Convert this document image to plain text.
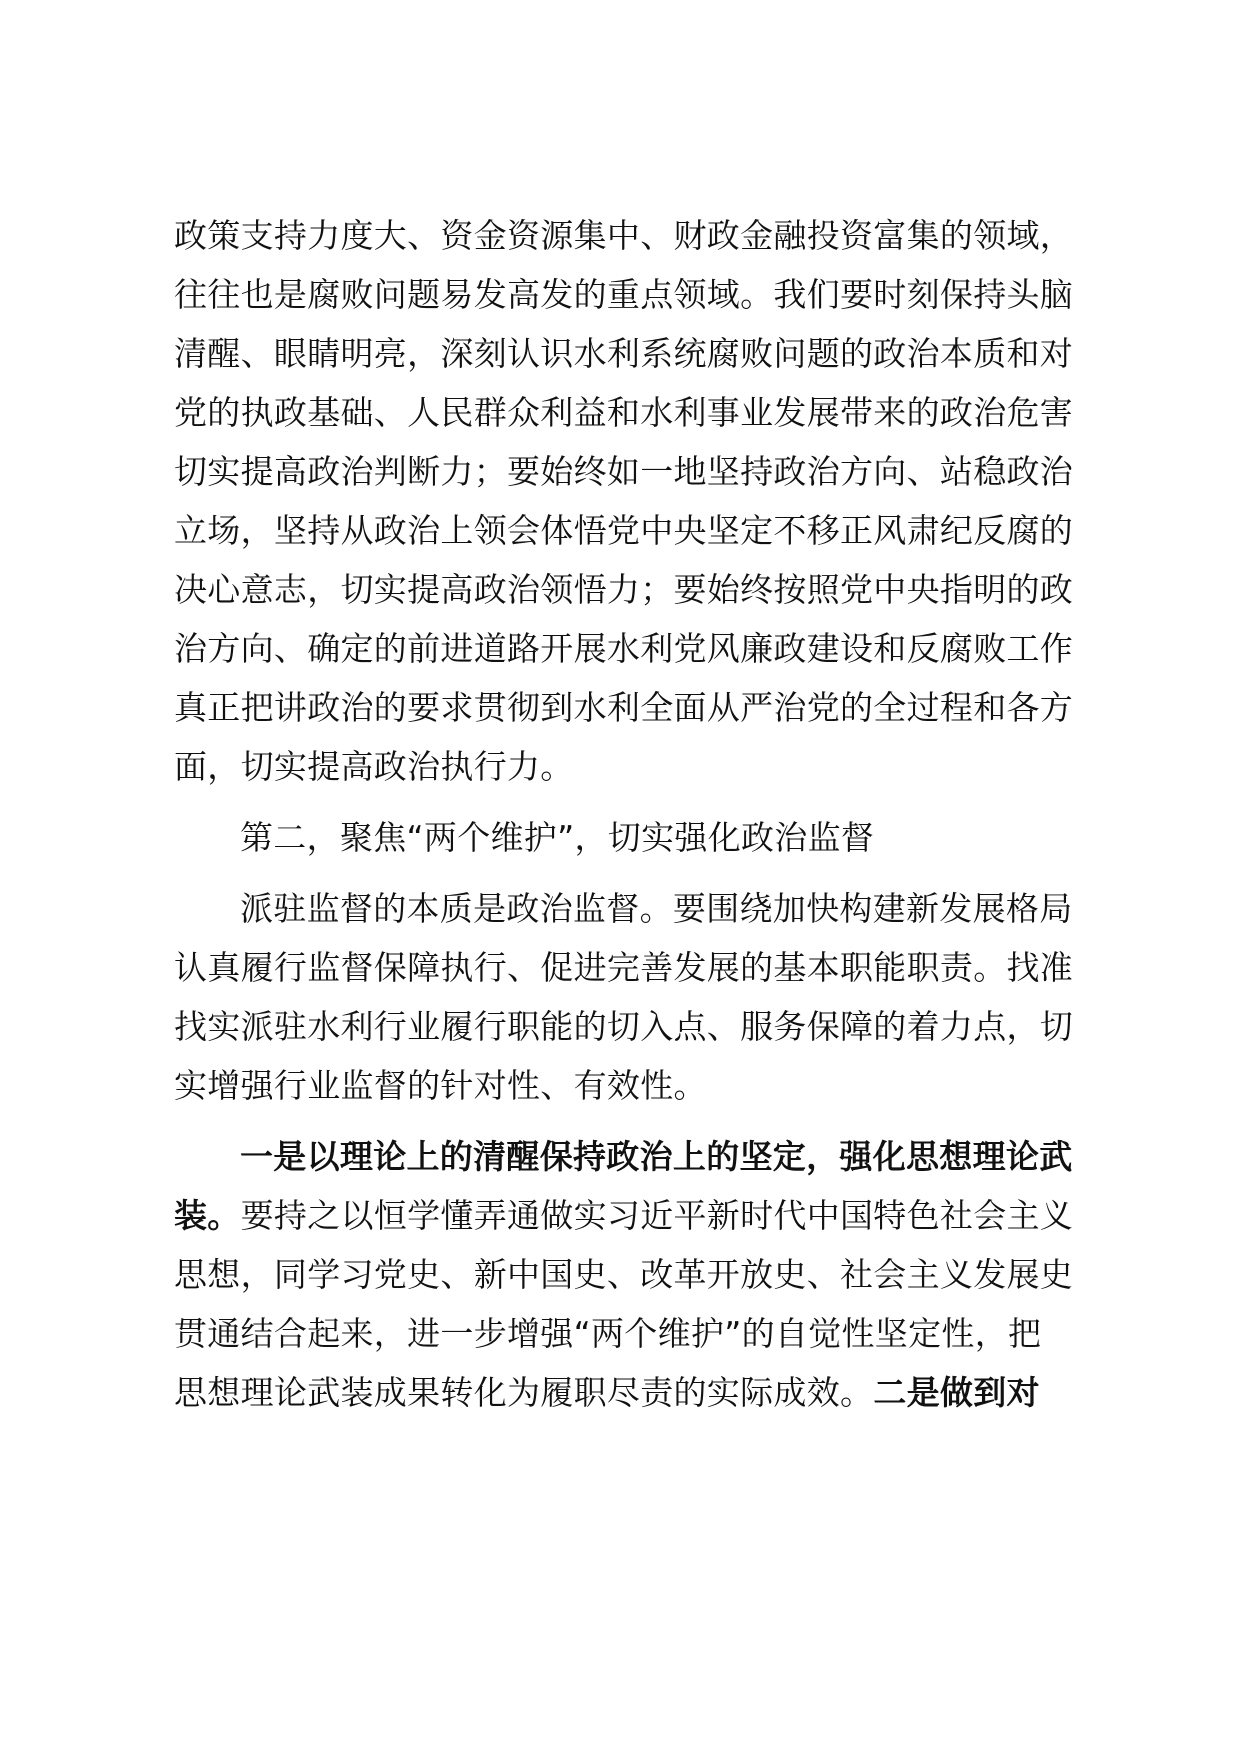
政策支持力度大、资金资源集中、财政金融投资富集的领域，
往往也是腐败问题易发高发的重点领域。我们要时刻保持头脑
清醒、眼睛明亮，深刻认识水利系统腐败问题的政治本质和对
党的执政基础、人民群众利益和水利事业发展带来的政治危害
切实提高政治判断力；要始终如一地坚持政治方向、站稳政治
立场，坚持从政治上领会体悟党中央坚定不移正风肃纪反腐的
决心意志，切实提高政治领悟力；要始终按照党中央指明的政
治方向、确定的前进道路开展水利党风廉政建设和反腐败工作
真正把讲政治的要求贯彻到水利全面从严治党的全过程和各方
面，切实提高政治执行力。
第二，聚焦“两个维护”，切实强化政治监督
派驻监督的本质是政治监督。要围绕加快构建新发展格局
认真履行监督保障执行、促进完善发展的基本职能职责。找准
找实派驻水利行业履行职能的切入点、服务保障的着力点，切
实增强行业监督的针对性、有效性。
一是以理论上的清醒保持政治上的坚定，强化思想理论武
装。要持之以恒学懂弄通做实习近平新时代中国特色社会主义
思想，同学习党史、新中国史、改革开放史、社会主义发展史
贯通结合起来，进一步增强“两个维护”的自觉性坚定性，把
思想理论武装成果转化为履职尽责的实际成效。二是做到对
